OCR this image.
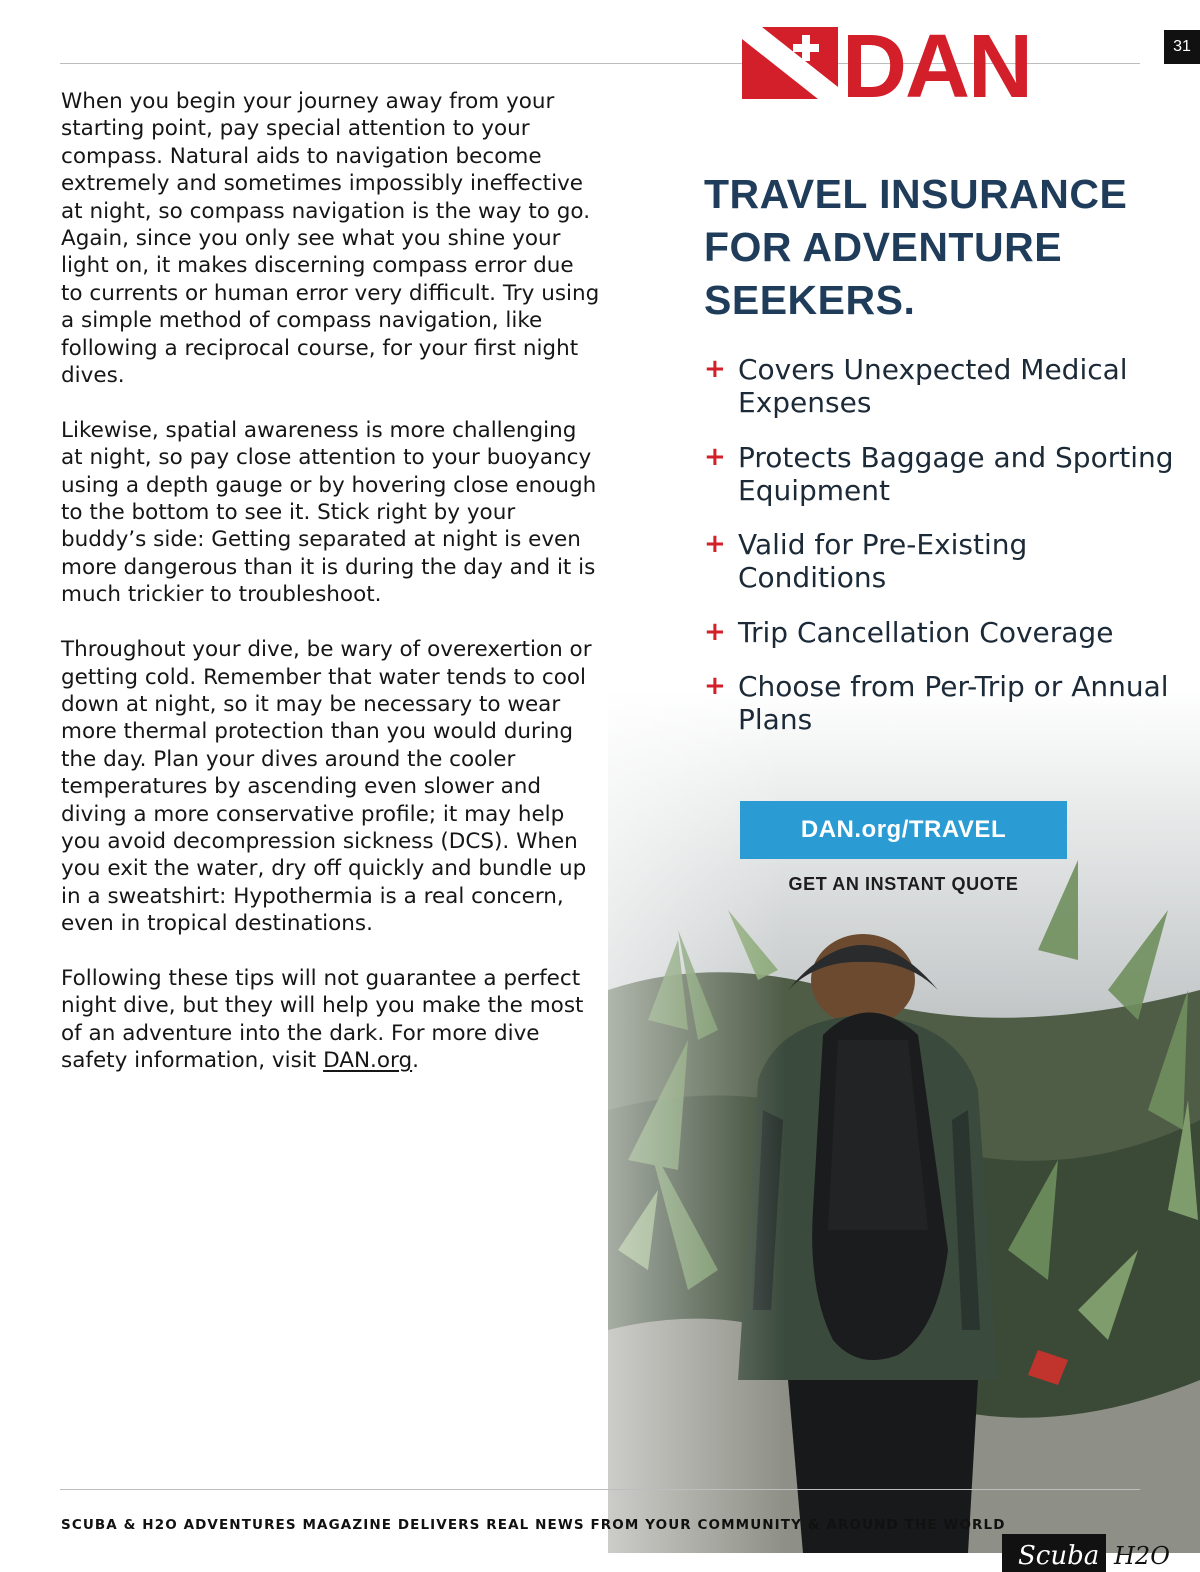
31

When you begin your journey away from your starting point, pay special attention to your compass. Natural aids to navigation become extremely and sometimes impossibly ineffective at night, so compass navigation is the way to go. Again, since you only see what you shine your light on, it makes discerning compass error due to currents or human error very difficult. Try using a simple method of compass navigation, like following a reciprocal course, for your first night dives.

Likewise, spatial awareness is more challenging at night, so pay close attention to your buoyancy using a depth gauge or by hovering close enough to the bottom to see it. Stick right by your buddy’s side: Getting separated at night is even more dangerous than it is during the day and it is much trickier to troubleshoot.

Throughout your dive, be wary of overexertion or getting cold. Remember that water tends to cool down at night, so it may be necessary to wear more thermal protection than you would during the day. Plan your dives around the cooler temperatures by ascending even slower and diving a more conservative profile; it may help you avoid decompression sickness (DCS). When you exit the water, dry off quickly and bundle up in a sweatshirt: Hypothermia is a real concern, even in tropical destinations.

Following these tips will not guarantee a perfect night dive, but they will help you make the most of an adventure into the dark. For more dive safety information, visit DAN.org.

DAN
TRAVEL INSURANCE FOR ADVENTURE SEEKERS.
+ Covers Unexpected Medical Expenses
+ Protects Baggage and Sporting Equipment
+ Valid for Pre-Existing Conditions
+ Trip Cancellation Coverage
+ Choose from Per-Trip or Annual Plans
DAN.org/TRAVEL
GET AN INSTANT QUOTE
SCUBA & H2O ADVENTURES MAGAZINE DELIVERS REAL NEWS FROM YOUR COMMUNITY & AROUND THE WORLD
Scuba H2O
